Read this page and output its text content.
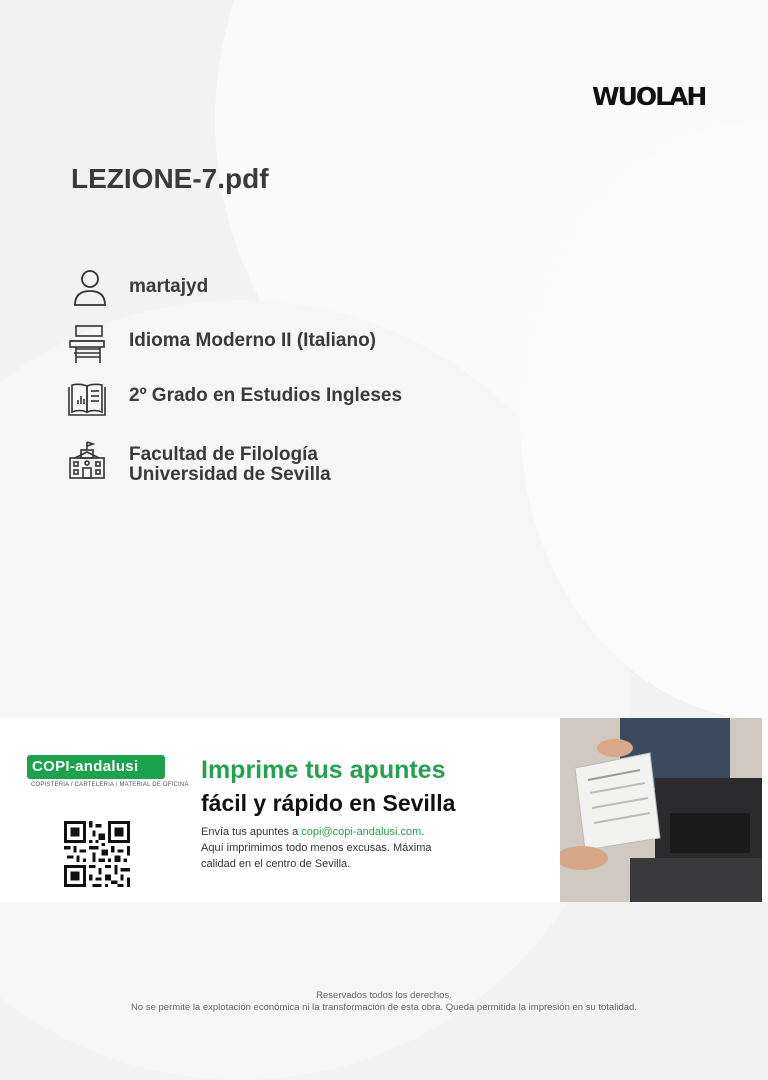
WUOLAH
LEZIONE-7.pdf
martajyd
Idioma Moderno II (Italiano)
2º Grado en Estudios Ingleses
Facultad de Filología
Universidad de Sevilla
COPI-andalusi
COPISTERIA / CARTELERIA / MATERIAL DE OFICINA
Imprime tus apuntes
fácil y rápido en Sevilla
Envía tus apuntes a copi@copi-andalusi.com.
Aquí imprimimos todo menos excusas. Máxima
calidad en el centro de Sevilla.
Reservados todos los derechos.
No se permite la explotación económica ni la transformación de esta obra. Queda permitida la impresión en su totalidad.
